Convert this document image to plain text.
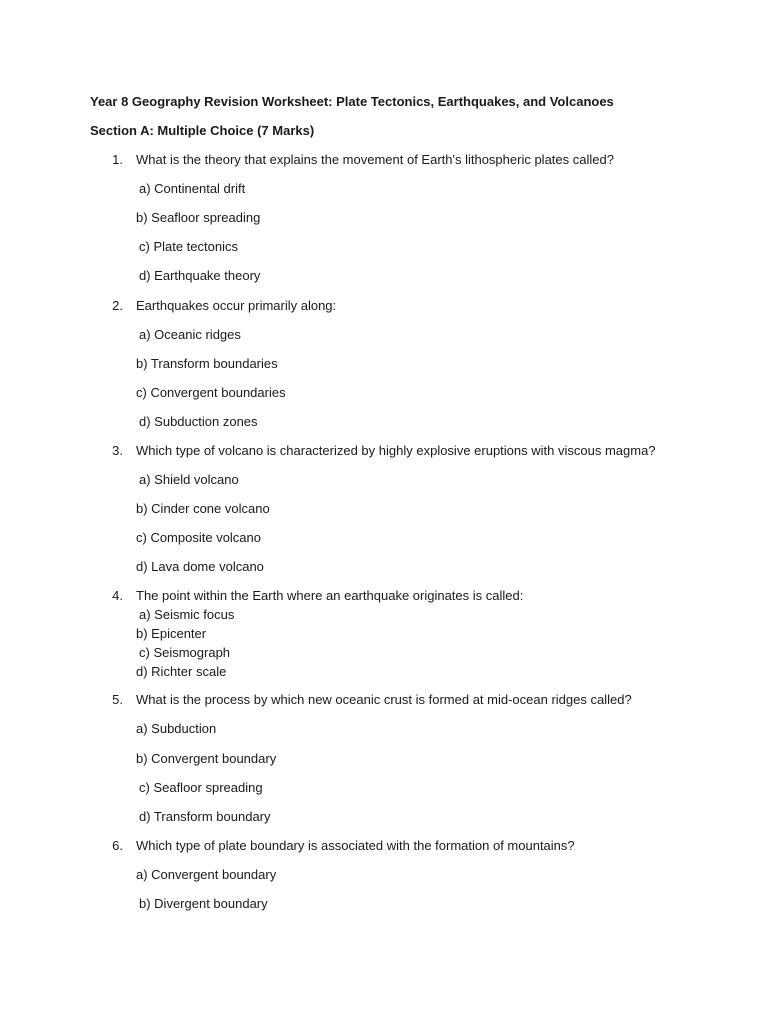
Year 8 Geography Revision Worksheet: Plate Tectonics, Earthquakes, and Volcanoes
Section A: Multiple Choice (7 Marks)
1. What is the theory that explains the movement of Earth's lithospheric plates called?
a) Continental drift
b) Seafloor spreading
c) Plate tectonics
d) Earthquake theory
2. Earthquakes occur primarily along:
a) Oceanic ridges
b) Transform boundaries
c) Convergent boundaries
d) Subduction zones
3. Which type of volcano is characterized by highly explosive eruptions with viscous magma?
a) Shield volcano
b) Cinder cone volcano
c) Composite volcano
d) Lava dome volcano
4. The point within the Earth where an earthquake originates is called:
a) Seismic focus
b) Epicenter
c) Seismograph
d) Richter scale
5. What is the process by which new oceanic crust is formed at mid-ocean ridges called?
a) Subduction
b) Convergent boundary
c) Seafloor spreading
d) Transform boundary
6. Which type of plate boundary is associated with the formation of mountains?
a) Convergent boundary
b) Divergent boundary
